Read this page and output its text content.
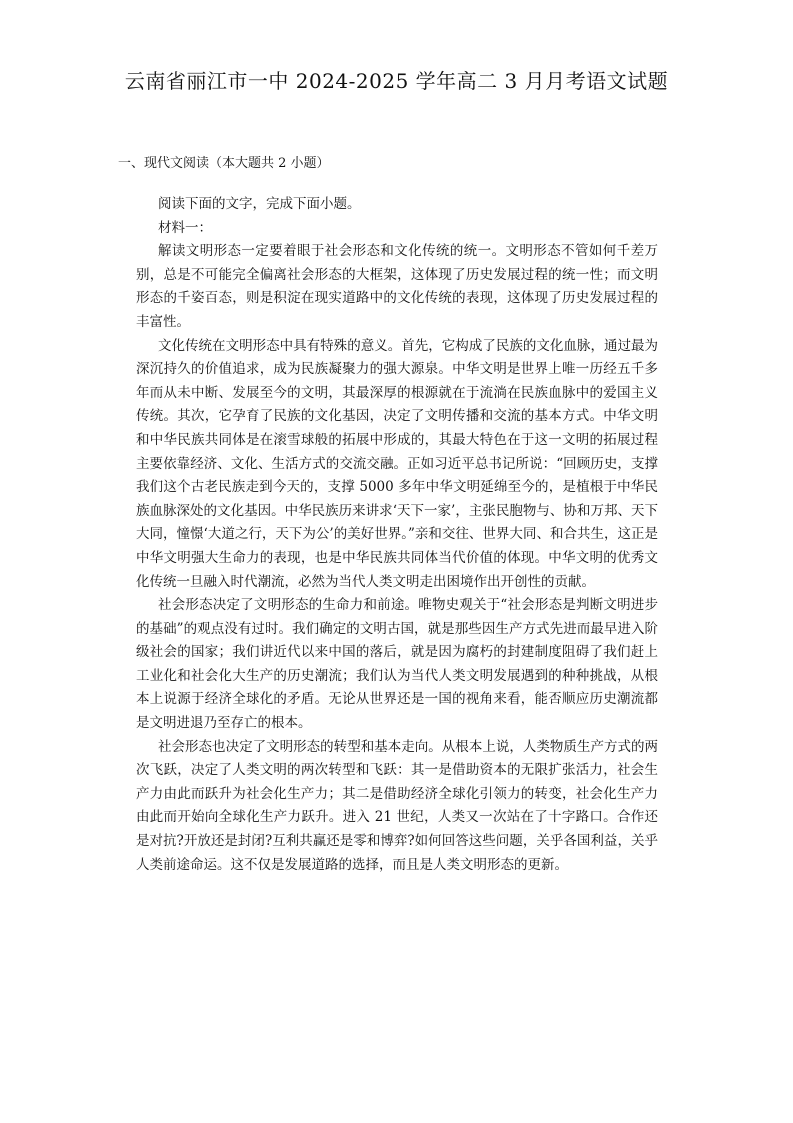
云南省丽江市一中 2024-2025 学年高二 3 月月考语文试题
一、现代文阅读（本大题共 2 小题）

阅读下面的文字，完成下面小题。

材料一：

解读文明形态一定要着眼于社会形态和文化传统的统一。文明形态不管如何千差万别，总是不可能完全偏离社会形态的大框架，这体现了历史发展过程的统一性；而文明形态的千姿百态，则是积淀在现实道路中的文化传统的表现，这体现了历史发展过程的丰富性。

文化传统在文明形态中具有特殊的意义。首先，它构成了民族的文化血脉，通过最为深沉持久的价值追求，成为民族凝聚力的强大源泉。中华文明是世界上唯一历经五千多年而从未中断、发展至今的文明，其最深厚的根源就在于流淌在民族血脉中的爱国主义传统。其次，它孕育了民族的文化基因，决定了文明传播和交流的基本方式。中华文明和中华民族共同体是在滚雪球般的拓展中形成的，其最大特色在于这一文明的拓展过程主要依靠经济、文化、生活方式的交流交融。正如习近平总书记所说：“回顾历史，支撑我们这个古老民族走到今天的，支撑 5000 多年中华文明延绵至今的，是植根于中华民族血脉深处的文化基因。中华民族历来讲求‘天下一家’，主张民胞物与、协和万邦、天下大同，憧憬‘大道之行，天下为公’的美好世界。”亲和交往、世界大同、和合共生，这正是中华文明强大生命力的表现，也是中华民族共同体当代价值的体现。中华文明的优秀文化传统一旦融入时代潮流，必然为当代人类文明走出困境作出开创性的贡献。

社会形态决定了文明形态的生命力和前途。唯物史观关于“社会形态是判断文明进步的基础”的观点没有过时。我们确定的文明古国，就是那些因生产方式先进而最早进入阶级社会的国家；我们讲近代以来中国的落后，就是因为腐朽的封建制度阻碍了我们赶上工业化和社会化大生产的历史潮流；我们认为当代人类文明发展遇到的种种挑战，从根本上说源于经济全球化的矛盾。无论从世界还是一国的视角来看，能否顺应历史潮流都是文明进退乃至存亡的根本。

社会形态也决定了文明形态的转型和基本走向。从根本上说，人类物质生产方式的两次飞跃，决定了人类文明的两次转型和飞跃：其一是借助资本的无限扩张活力，社会生产力由此而跃升为社会化生产力；其二是借助经济全球化引领力的转变，社会化生产力由此而开始向全球化生产力跃升。进入 21 世纪，人类又一次站在了十字路口。合作还是对抗?开放还是封闭?互利共赢还是零和博弈?如何回答这些问题，关乎各国利益，关乎人类前途命运。这不仅是发展道路的选择，而且是人类文明形态的更新。
